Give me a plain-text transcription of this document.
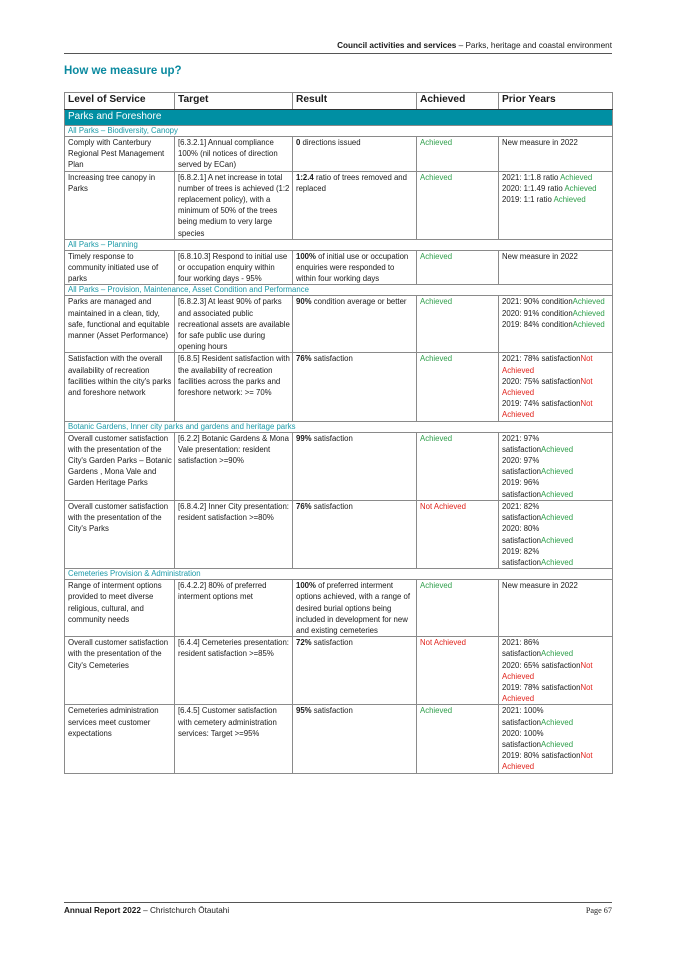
Council activities and services – Parks, heritage and coastal environment
How we measure up?
Level of Service	Target	Result	Achieved	Prior Years
Parks and Foreshore				
All Parks – Biodiversity, Canopy				
Comply with Canterbury Regional Pest Management Plan	[6.3.2.1] Annual compliance 100% (nil notices of direction served by ECan)	0 directions issued	Achieved	New measure in 2022

Increasing tree canopy in Parks	[6.8.2.1] A net increase in total number of trees is achieved (1:2 replacement policy), with a minimum of 50% of the trees being medium to very large species	1:2.4 ratio of trees removed and replaced	Achieved	2021: 1:1.8 ratio Achieved
2020: 1:1.49 ratio Achieved
2019: 1:1 ratio Achieved

All Parks – Planning				
Timely response to community initiated use of parks	[6.8.10.3] Respond to initial use or occupation enquiry within four working days - 95%	100% of initial use or occupation enquiries were responded to within four working days	Achieved	New measure in 2022

All Parks – Provision, Maintenance, Asset Condition and Performance				
Parks are managed and maintained in a clean, tidy, safe, functional and equitable manner (Asset Performance)	[6.8.2.3] At least 90% of parks and associated public recreational assets are available for safe public use during opening hours	90% condition average or better	Achieved	2021: 90% conditionAchieved
2020: 91% conditionAchieved
2019: 84% conditionAchieved

Satisfaction with the overall availability of recreation facilities within the city's parks and foreshore network	[6.8.5] Resident satisfaction with the availability of recreation facilities across the parks and foreshore network: >= 70%	76% satisfaction	Achieved	2021: 78% satisfactionNot Achieved
2020: 75% satisfactionNot Achieved
2019: 74% satisfactionNot Achieved

Botanic Gardens, Inner city parks and gardens and heritage parks				
Overall customer satisfaction with the presentation of the City's Garden Parks – Botanic Gardens , Mona Vale and Garden Heritage Parks	[6.2.2] Botanic Gardens & Mona Vale presentation: resident satisfaction >=90%	99% satisfaction	Achieved	2021: 97% satisfactionAchieved
2020: 97% satisfactionAchieved
2019: 96% satisfactionAchieved

Overall customer satisfaction with the presentation of the City's Parks	[6.8.4.2] Inner City presentation: resident satisfaction >=80%	76% satisfaction	Not Achieved	2021: 82% satisfactionAchieved
2020: 80% satisfactionAchieved
2019: 82% satisfactionAchieved

Cemeteries Provision & Administration				
Range of interment options provided to meet diverse religious, cultural, and community needs	[6.4.2.2] 80% of preferred interment options met	100% of preferred interment options achieved, with a range of desired burial options being included in development for new and existing cemeteries	Achieved	New measure in 2022

Overall customer satisfaction with the presentation of the City's Cemeteries	[6.4.4] Cemeteries presentation: resident satisfaction >=85%	72% satisfaction	Not Achieved	2021: 86% satisfactionAchieved
2020: 65% satisfactionNot Achieved
2019: 78% satisfactionNot Achieved

Cemeteries administration services meet customer expectations	[6.4.5] Customer satisfaction with cemetery administration services: Target >=95%	95% satisfaction	Achieved	2021: 100% satisfactionAchieved
2020: 100% satisfactionAchieved
2019: 80% satisfactionNot Achieved
Annual Report 2022 – Christchurch Ōtautahi	Page 67
